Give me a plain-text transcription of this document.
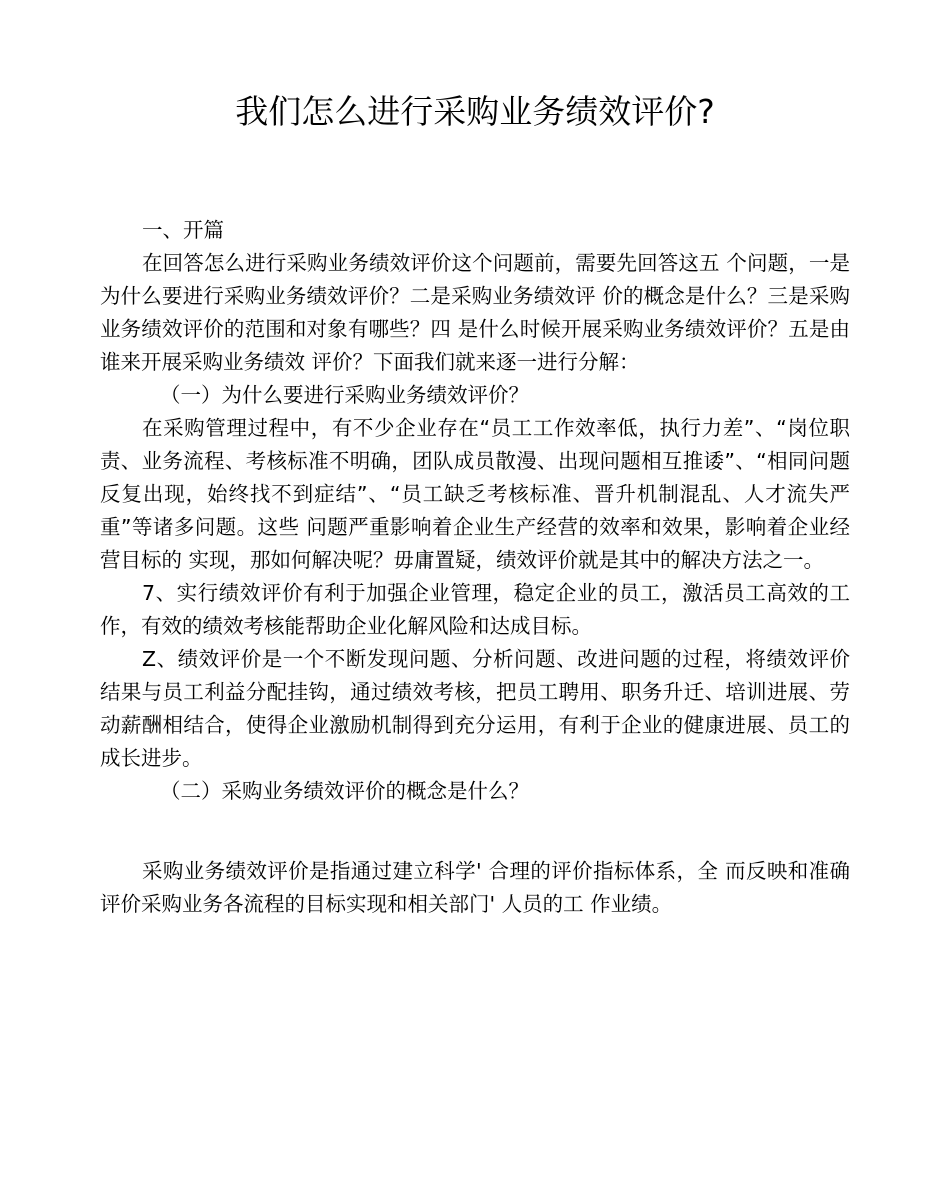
我们怎么进行采购业务绩效评价?

一、开篇

在回答怎么进行采购业务绩效评价这个问题前，需要先回答这五 个问题，一是为什么要进行采购业务绩效评价？二是采购业务绩效评 价的概念是什么？三是采购业务绩效评价的范围和对象有哪些？四 是什么时候开展采购业务绩效评价？五是由谁来开展采购业务绩效 评价？下面我们就来逐一进行分解：

（一）为什么要进行采购业务绩效评价？

在采购管理过程中，有不少企业存在“员工工作效率低，执行力差”、“岗位职责、业务流程、考核标准不明确，团队成员散漫、出现问题相互推诿”、“相同问题反复出现，始终找不到症结”、“员工缺乏考核标准、晋升机制混乱、人才流失严重”等诸多问题。这些 问题严重影响着企业生产经营的效率和效果，影响着企业经营目标的 实现，那如何解决呢？毋庸置疑，绩效评价就是其中的解决方法之一。

7、实行绩效评价有利于加强企业管理，稳定企业的员工，激活员工高效的工作，有效的绩效考核能帮助企业化解风险和达成目标。

Z、绩效评价是一个不断发现问题、分析问题、改进问题的过程，将绩效评价结果与员工利益分配挂钩，通过绩效考核，把员工聘用、职务升迁、培训进展、劳动薪酬相结合，使得企业激励机制得到充分运用，有利于企业的健康进展、员工的成长进步。

（二）采购业务绩效评价的概念是什么？

采购业务绩效评价是指通过建立科学' 合理的评价指标体系，全 而反映和准确评价采购业务各流程的目标实现和相关部门' 人员的工 作业绩。
